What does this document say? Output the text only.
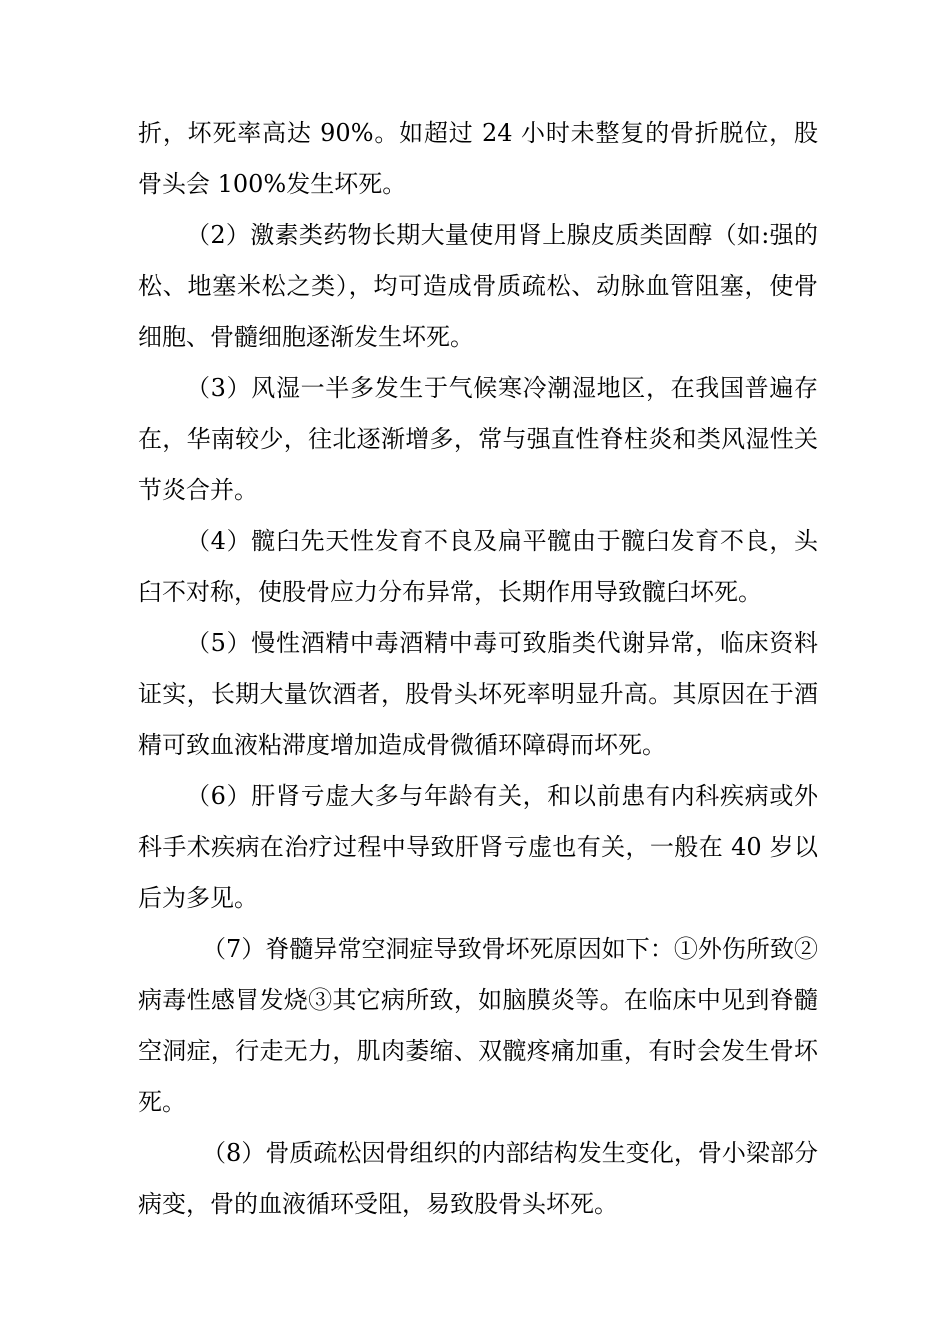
折，坏死率高达 90%。如超过 24 小时未整复的骨折脱位，股骨头会 100%发生坏死。

（2）激素类药物长期大量使用肾上腺皮质类固醇（如:强的松、地塞米松之类），均可造成骨质疏松、动脉血管阻塞，使骨细胞、骨髓细胞逐渐发生坏死。

（3）风湿一半多发生于气候寒冷潮湿地区，在我国普遍存在，华南较少，往北逐渐增多，常与强直性脊柱炎和类风湿性关节炎合并。

（4）髋臼先天性发育不良及扁平髋由于髋臼发育不良，头臼不对称，使股骨应力分布异常，长期作用导致髋臼坏死。

（5）慢性酒精中毒酒精中毒可致脂类代谢异常，临床资料证实，长期大量饮酒者，股骨头坏死率明显升高。其原因在于酒精可致血液粘滞度增加造成骨微循环障碍而坏死。

（6）肝肾亏虚大多与年龄有关，和以前患有内科疾病或外科手术疾病在治疗过程中导致肝肾亏虚也有关，一般在 40 岁以后为多见。

（7）脊髓异常空洞症导致骨坏死原因如下：①外伤所致②病毒性感冒发烧③其它病所致，如脑膜炎等。在临床中见到脊髓空洞症，行走无力，肌肉萎缩、双髋疼痛加重，有时会发生骨坏死。

（8）骨质疏松因骨组织的内部结构发生变化，骨小梁部分病变，骨的血液循环受阻，易致股骨头坏死。
